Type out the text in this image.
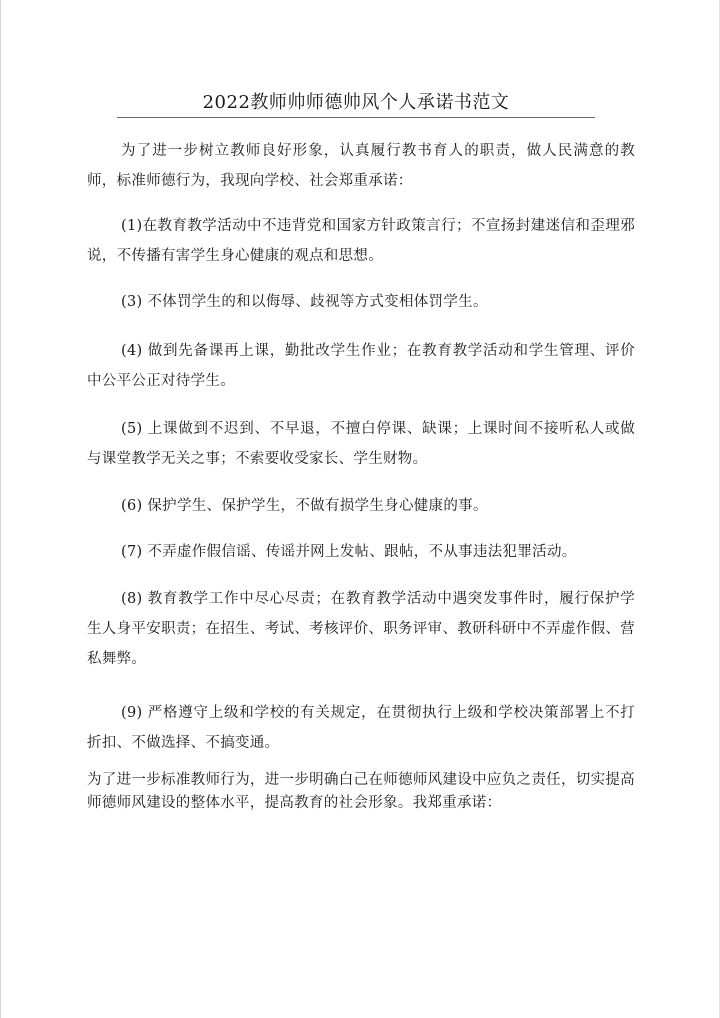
2022教师帅师德帅风个人承诺书范文

为了进一步树立教师良好形象，认真履行教书育人的职责，做人民满意的教师，标准师德行为，我现向学校、社会郑重承诺：

(1)在教育教学活动中不违背党和国家方针政策言行；不宣扬封建迷信和歪理邪说，不传播有害学生身心健康的观点和思想。

(3) 不体罚学生的和以侮辱、歧视等方式变相体罚学生。

(4) 做到先备课再上课，勤批改学生作业；在教育教学活动和学生管理、评价中公平公正对待学生。

(5) 上课做到不迟到、不早退，不擅白停课、缺课；上课时间不接听私人或做与课堂教学无关之事；不索要收受家长、学生财物。

(6) 保护学生、保护学生，不做有损学生身心健康的事。

(7) 不弄虚作假信谣、传谣并网上发帖、跟帖，不从事违法犯罪活动。

(8) 教育教学工作中尽心尽责；在教育教学活动中遇突发事件时，履行保护学生人身平安职责；在招生、考试、考核评价、职务评审、教研科研中不弄虚作假、营私舞弊。

(9) 严格遵守上级和学校的有关规定，在贯彻执行上级和学校决策部署上不打折扣、不做选择、不搞变通。

为了进一步标准教师行为，进一步明确白己在师德师风建设中应负之责任，切实提高师德师风建设的整体水平，提高教育的社会形象。我郑重承诺：
